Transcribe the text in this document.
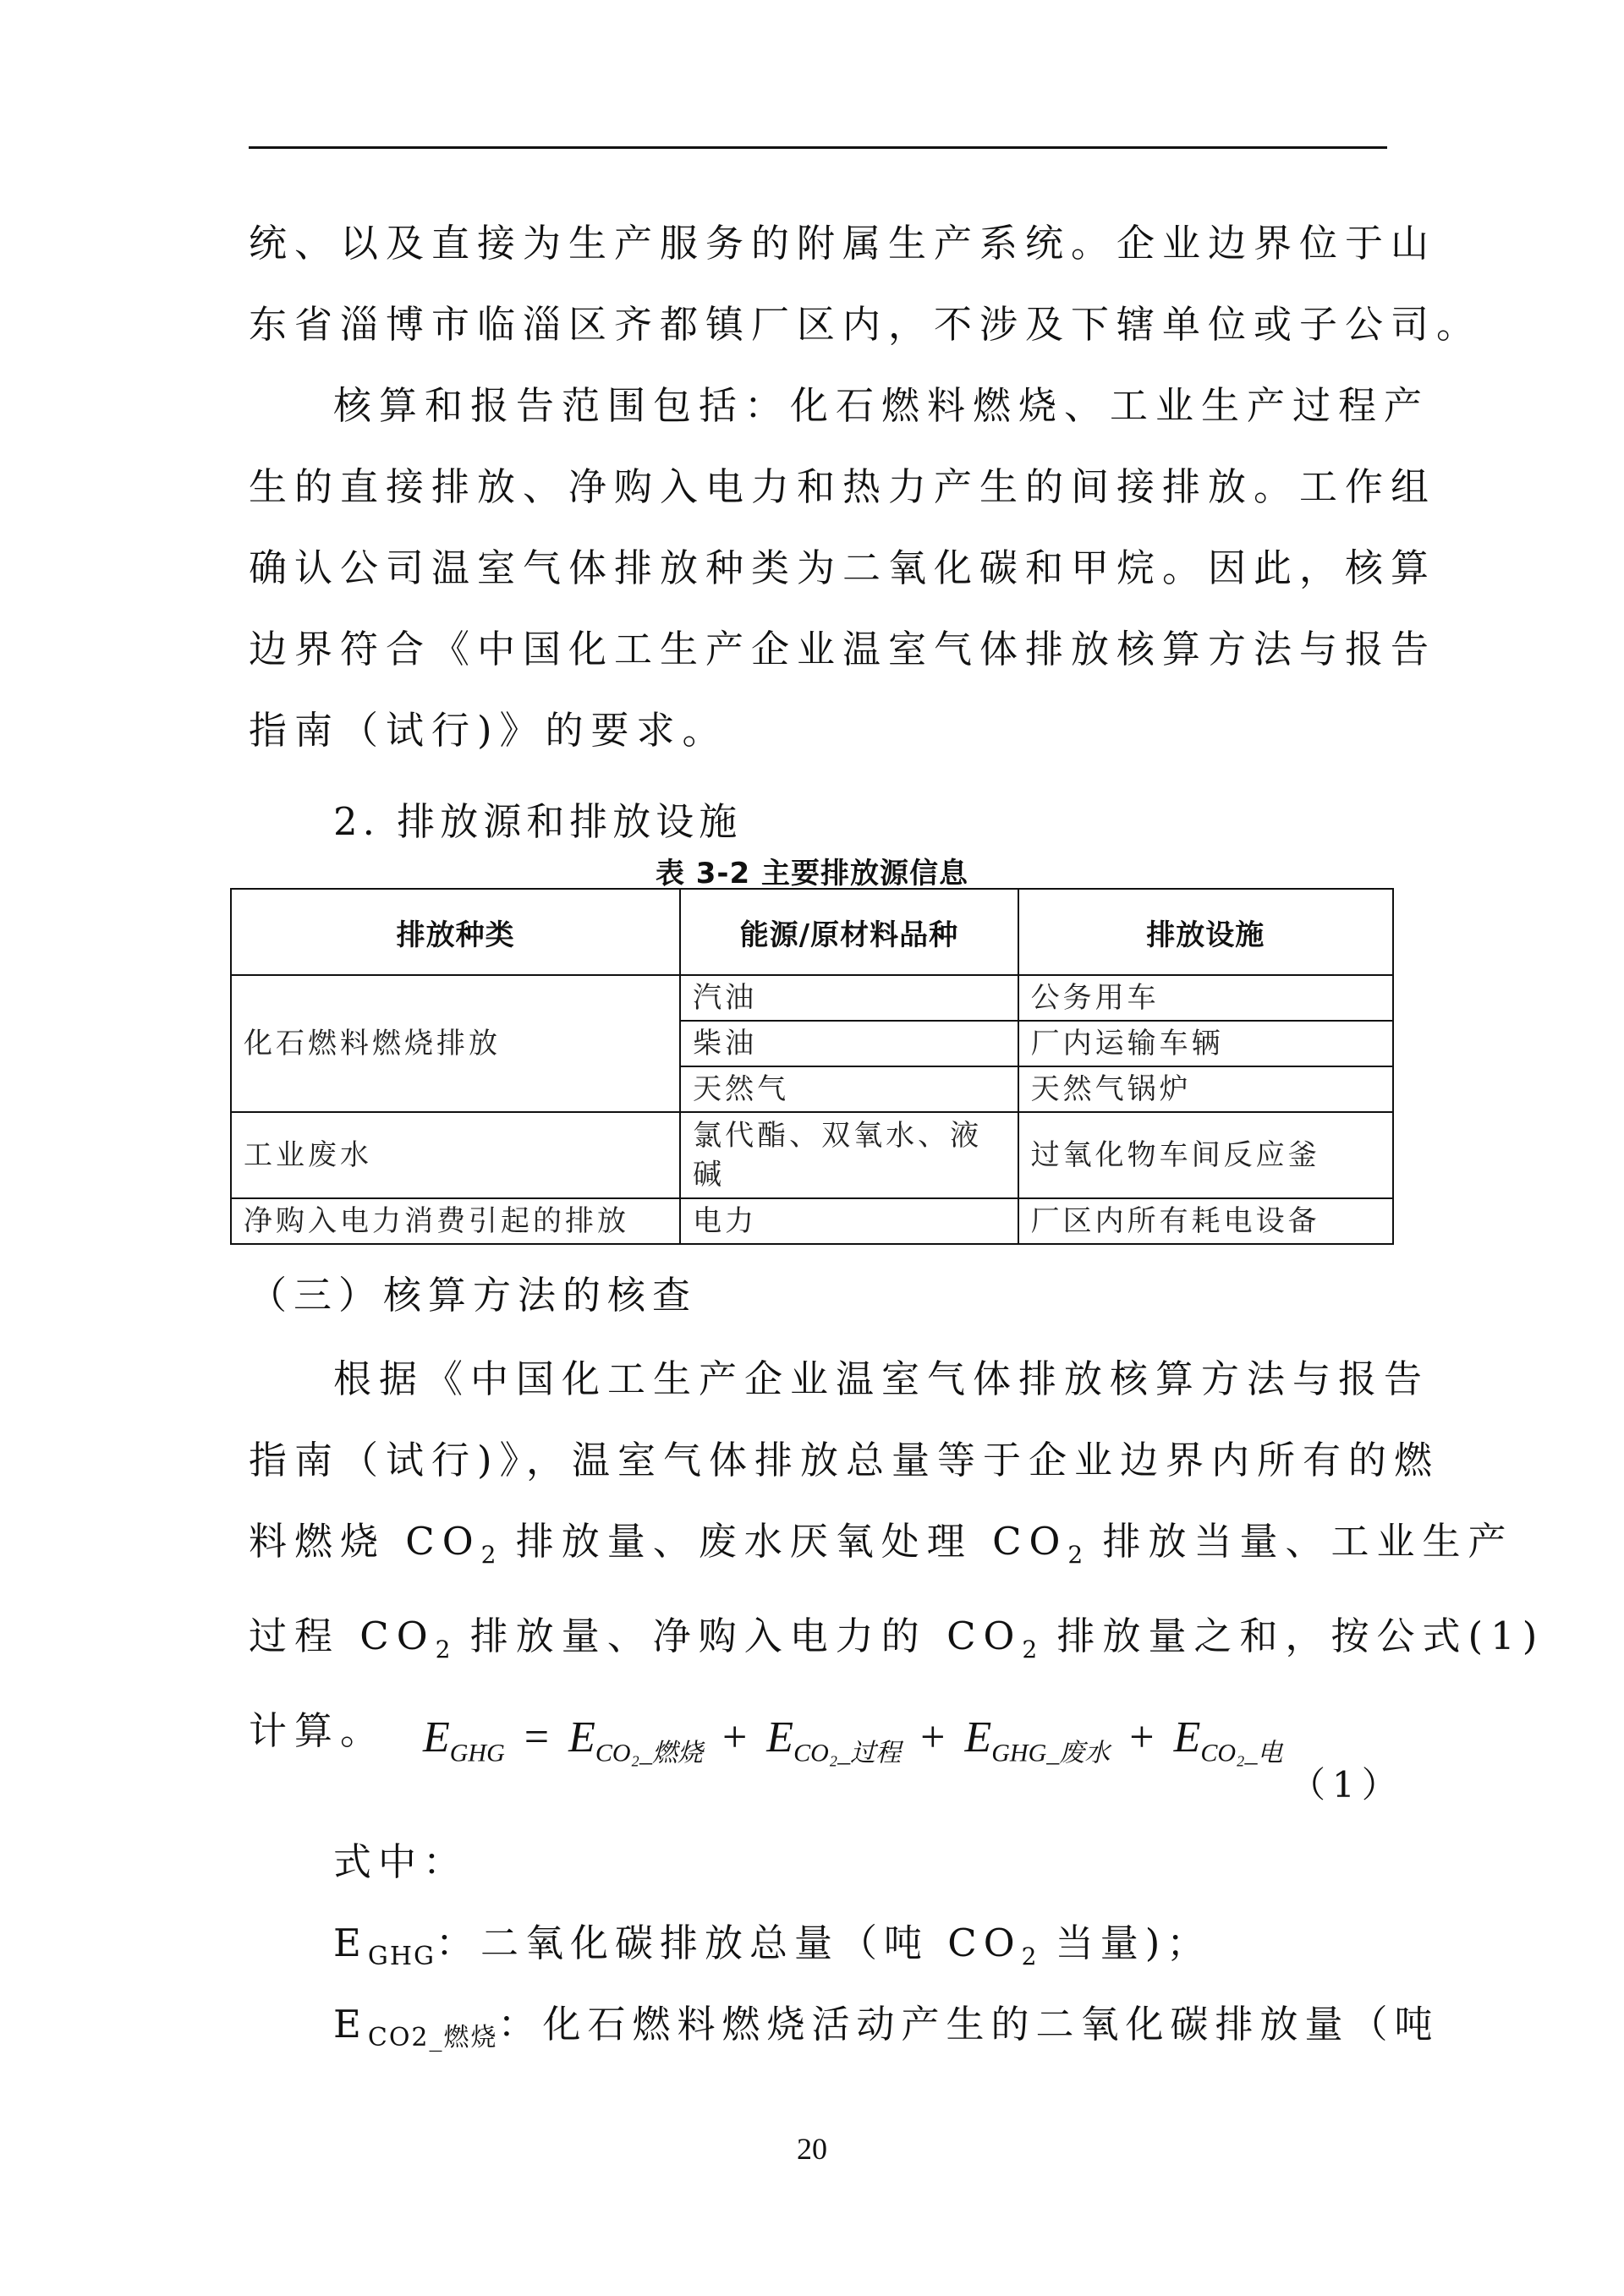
统、以及直接为生产服务的附属生产系统。企业边界位于山
东省淄博市临淄区齐都镇厂区内，不涉及下辖单位或子公司。
核算和报告范围包括：化石燃料燃烧、工业生产过程产
生的直接排放、净购入电力和热力产生的间接排放。工作组
确认公司温室气体排放种类为二氧化碳和甲烷。因此，核算
边界符合《中国化工生产企业温室气体排放核算方法与报告
指南（试行)》的要求。
2. 排放源和排放设施
表 3-2 主要排放源信息
排放种类	能源/原材料品种	排放设施
化石燃料燃烧排放	汽油	公务用车
	柴油	厂内运输车辆
	天然气	天然气锅炉
工业废水	氯代酯、双氧水、液
碱	过氧化物车间反应釜
净购入电力消费引起的排放	电力	厂区内所有耗电设备
（三）核算方法的核查
根据《中国化工生产企业温室气体排放核算方法与报告
指南（试行)》，温室气体排放总量等于企业边界内所有的燃
料燃烧 $CO_2$ 排放量、废水厌氧处理 $CO_2$ 排放当量、工业生产
过程 $CO_2$ 排放量、净购入电力的 $CO_2$ 排放量之和，按公式(1)
计算。 $E_{GHG} = E_{CO_2\_燃烧} + E_{CO_2\_过程} + E_{GHG\_废水} + E_{CO_2\_电}$
（1）
式中：
$E_{GHG}$：二氧化碳排放总量（吨 $CO_2$ 当量)；
$E_{CO2\_燃烧}$：化石燃料燃烧活动产生的二氧化碳排放量（吨
20
